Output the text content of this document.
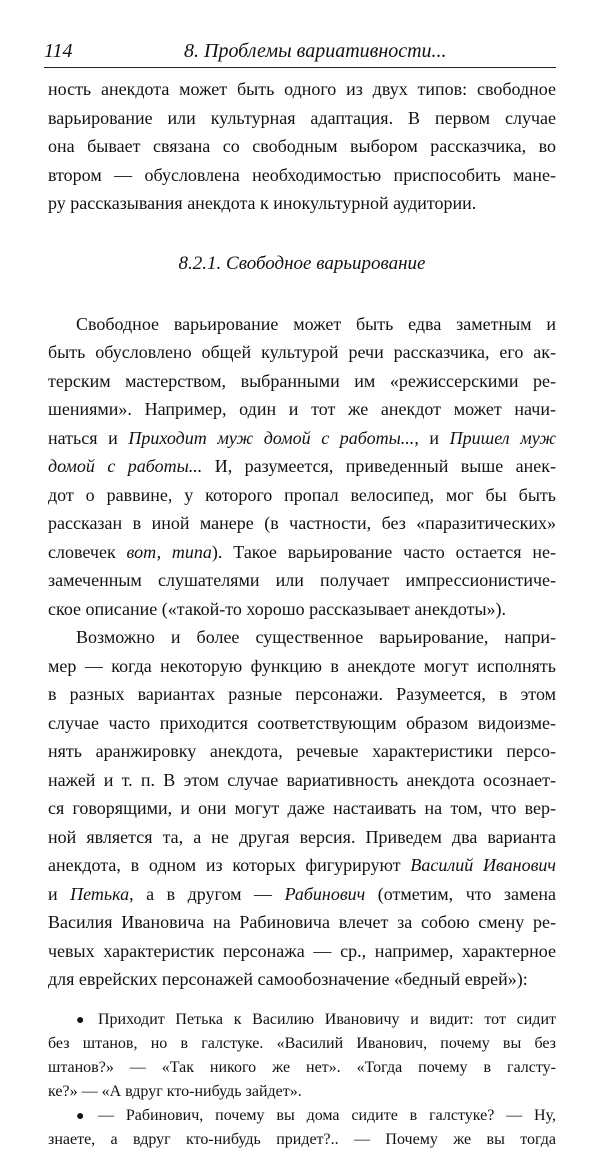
114	8. Проблемы вариативности...
ность анекдота может быть одного из двух типов: свободное
варьирование или культурная адаптация. В первом случае
она бывает связана со свободным выбором рассказчика, во
втором — обусловлена необходимостью приспособить мане-
ру рассказывания анекдота к инокультурной аудитории.
8.2.1. Свободное варьирование
Свободное варьирование может быть едва заметным и
быть обусловлено общей культурой речи рассказчика, его ак-
терским мастерством, выбранными им «режиссерскими ре-
шениями». Например, один и тот же анекдот может начи-
наться и Приходит муж домой с работы..., и Пришел муж
домой с работы... И, разумеется, приведенный выше анек-
дот о раввине, у которого пропал велосипед, мог бы быть
рассказан в иной манере (в частности, без «паразитических»
словечек вот, типа). Такое варьирование часто остается не-
замеченным слушателями или получает импрессионистиче-
ское описание («такой-то хорошо рассказывает анекдоты»).
Возможно и более существенное варьирование, напри-
мер — когда некоторую функцию в анекдоте могут исполнять
в разных вариантах разные персонажи. Разумеется, в этом
случае часто приходится соответствующим образом видоизме-
нять аранжировку анекдота, речевые характеристики персо-
нажей и т. п. В этом случае вариативность анекдота осознает-
ся говорящими, и они могут даже настаивать на том, что вер-
ной является та, а не другая версия. Приведем два варианта
анекдота, в одном из которых фигурируют Василий Иванович
и Петька, а в другом — Рабинович (отметим, что замена
Василия Ивановича на Рабиновича влечет за собою смену ре-
чевых характеристик персонажа — ср., например, характерное
для еврейских персонажей самообозначение «бедный еврей»):
● Приходит Петька к Василию Ивановичу и видит: тот сидит
без штанов, но в галстуке. «Василий Иванович, почему вы без
штанов?» — «Так никого же нет». «Тогда почему в галсту-
ке?» — «А вдруг кто-нибудь зайдет».
● — Рабинович, почему вы дома сидите в галстуке? — Ну,
знаете, а вдруг кто-нибудь придет?.. — Почему же вы тогда
